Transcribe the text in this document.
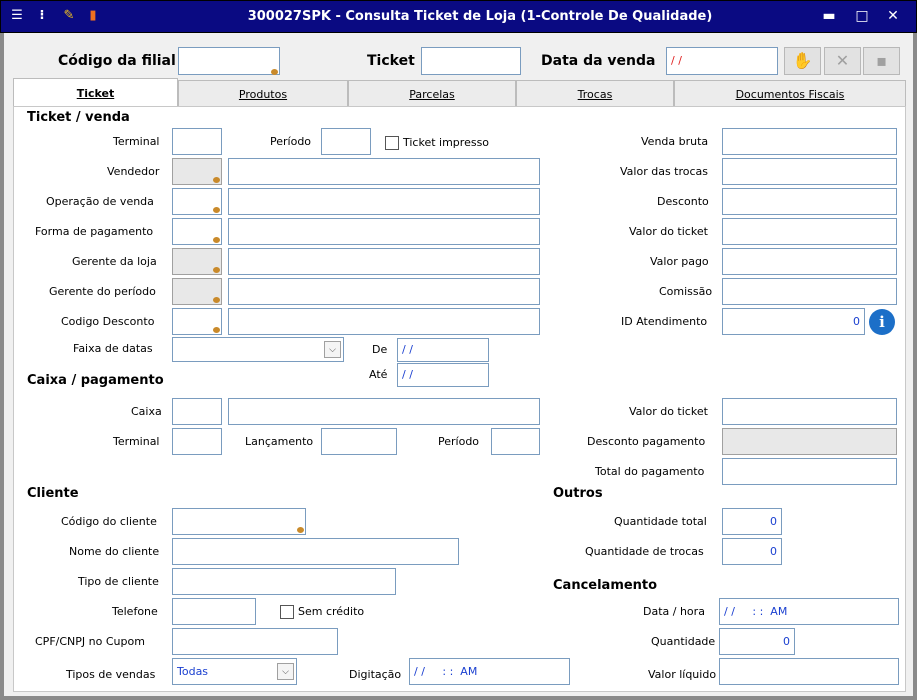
☰	⁝	✎	▮	300027SPK - Consulta Ticket de Loja (1-Controle De Qualidade)	▬	□	✕
Código da filial	Ticket	Data da venda	/ /	✋	✕	▪
Ticket	Produtos	Parcelas	Trocas	Documentos Fiscais
Ticket / venda
Terminal	Período	Ticket impresso
Vendedor
Operação de venda
Forma de pagamento
Gerente da loja
Gerente do período
Codigo Desconto
Faixa de datas	⌵	De	/ /
Até	/ /
Venda bruta
Valor das trocas
Desconto
Valor do ticket
Valor pago
Comissão
ID Atendimento	0	i
Caixa / pagamento
Caixa
Terminal	Lançamento	Período
Valor do ticket
Desconto pagamento
Total do pagamento
Cliente
Código do cliente
Nome do cliente
Tipo de cliente
Telefone	Sem crédito
CPF/CNPJ no Cupom
Tipos de vendas	Todas	⌵	Digitação	/ /     : :  AM
Outros
Quantidade total	0
Quantidade de trocas	0
Cancelamento
Data / hora	/ /     : :  AM
Quantidade	0
Valor líquido
